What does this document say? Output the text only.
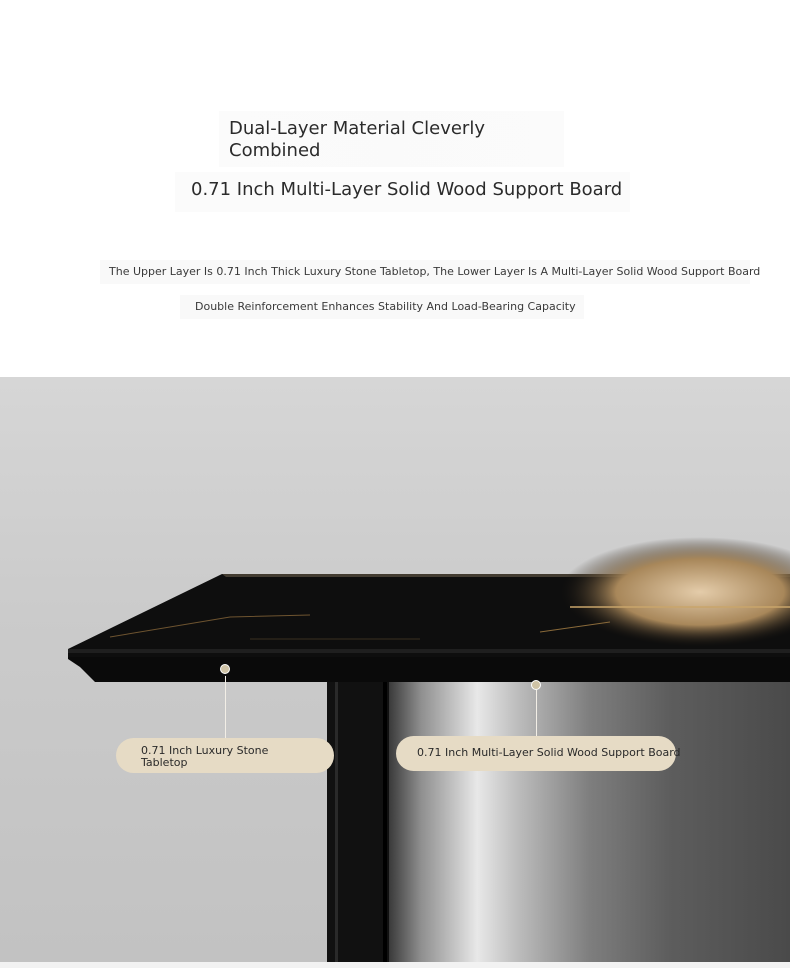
Dual-Layer Material Cleverly
Combined
0.71 Inch Multi-Layer Solid Wood Support Board
The Upper Layer Is 0.71 Inch Thick Luxury Stone Tabletop, The Lower Layer Is A Multi-Layer Solid Wood Support Board
Double Reinforcement Enhances Stability And Load-Bearing Capacity
0.71 Inch Luxury Stone
Tabletop
0.71 Inch Multi-Layer Solid Wood Support Board
